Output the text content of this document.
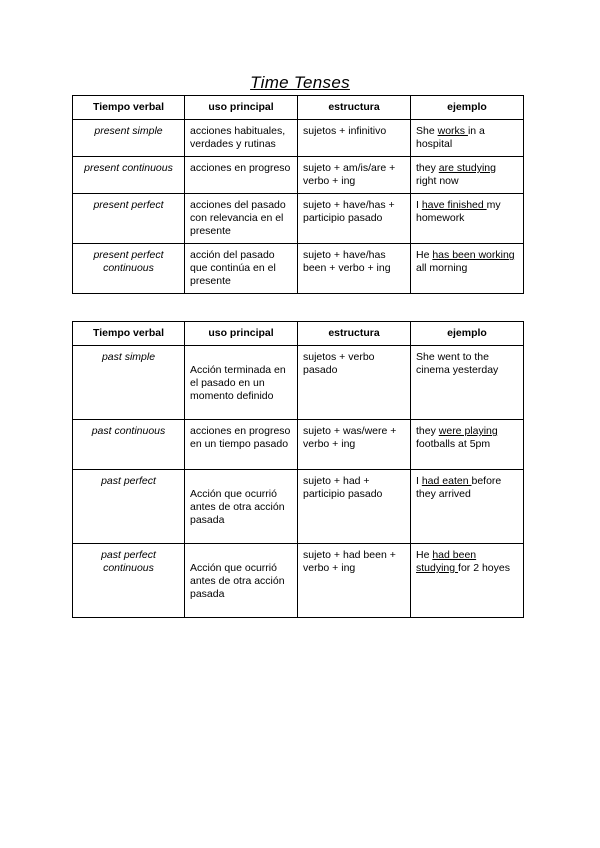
Time Tenses
Tiempo verbal	uso principal	estructura	ejemplo
present simple	acciones habituales, verdades y rutinas	sujetos + infinitivo	She works in a hospital
present continuous	acciones en progreso	sujeto + am/is/are + verbo + ing	they are studying right now
present perfect	acciones del pasado con relevancia en el presente	sujeto + have/has + participio pasado	I have finished my homework
present perfect continuous	acción del pasado que continúa en el presente	sujeto + have/has been + verbo + ing	He has been working all morning
Tiempo verbal	uso principal	estructura	ejemplo
past simple	Acción terminada en el pasado en un momento definido	sujetos + verbo pasado	She went to the cinema yesterday
past continuous	acciones en progreso en un tiempo pasado	sujeto + was/were + verbo + ing	they were playing footballs at 5pm
past perfect	Acción que ocurrió antes de otra acción pasada	sujeto + had + participio pasado	I had eaten before they arrived
past perfect continuous	Acción que ocurrió antes de otra acción pasada	sujeto + had been + verbo + ing	He had been studying for 2 hoyes
